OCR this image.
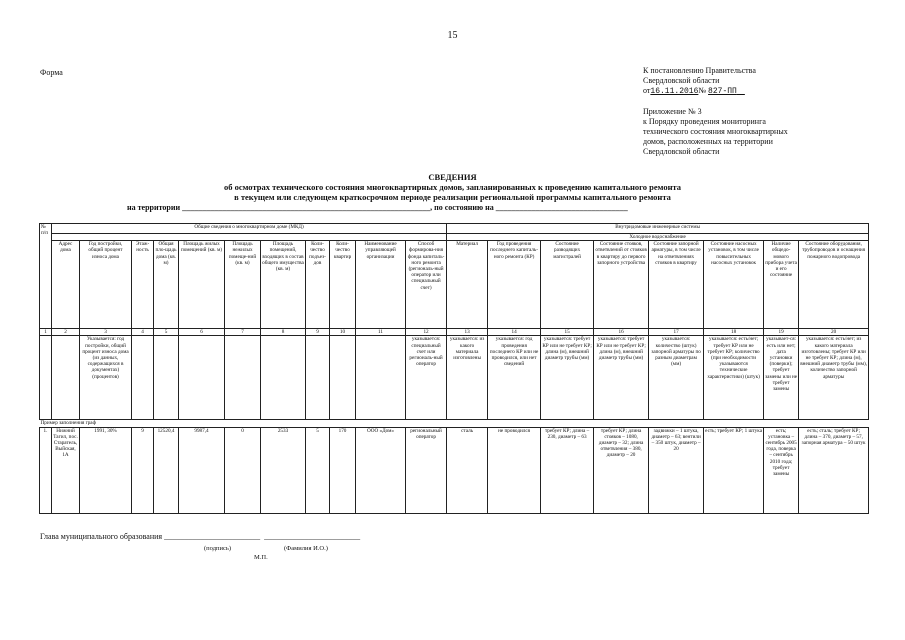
15
Форма	К постановлению Правительства
Свердловской области
от16.11.2016№ 827-ПП
Приложение № 3
к Порядку проведения мониторинга
технического состояния многоквартирных
домов, расположенных на территории
Свердловской области
СВЕДЕНИЯ
об осмотрах технического состояния многоквартирных домов, запланированных к проведению капитального ремонта
в текущем или следующем краткосрочном периоде реализации региональной программы капитального ремонта
на территории ______________________________________________________________, по состоянию на _________________________________
№ п/п	Общие сведения о многоквартирном доме (МКД)											Внутридомовые инженерные системы							
												Холодное водоснабжение							
	Адрес дома	Год постройки, общий процент износа дома	Этаж-ность	Общая пло-щадь дома (кв. м)	Площадь жилых помещений (кв. м)	Площадь нежилых помеще-ний (кв. м)	Площадь помещений, входящих в состав общего имущества (кв. м)	Коли-чество подъез-дов	Коли-чество квартир	Наименование управляющей организации	Способ формирова-ния фонда капиталь-ного ремонта (региональ-ный оператор или специальный счет)	Материал	Год проведения последнего капиталь-ного ремонта (КР)	Состояние разводящих магистралей	Состояние стояков, ответвлений от стояков в квартиру до первого запорного устройства	Состояние запорной арматуры, в том числе на ответвлениях стояков в квартиру	Состояние насосных установок, в том числе повысительных насосных установок	Наличие общедо-мового прибора учета и его состояние	Состояние оборудования, трубопроводов и оснащения пожарного водопровода
1	2	3	4	5	6	7	8	9	10	11	12	13	14	15	16	17	18	19	20
		Указывается: год постройки, общий процент износа дома (из данных, содержащихся в документах) (процентов)									указывается: специальный счет или региональ-ный оператор	указывается: из какого материала изготовлены	указывается: год проведения последнего КР или не проводился, или нет сведений	указывается: требует КР или не требует КР; длина (м), внешний диаметр трубы (мм)	указывается: требует КР или не требует КР; длина (м), внешний диаметр трубы (мм)	указывается: количество (штук) запорной арматуры по разным диаметрам (мм)	указывается: есть/нет; требует КР или не требует КР; количество (при необходимости указываются технические характеристики) (штук)	указывает-ся: есть или нет; дата установки (поверки); требует замены или не требует замены	указывается: есть/нет; из какого материала изготовлены; требует КР или не требует КР; длина (м), внешний диаметр трубы (мм), количество запорной арматуры
Пример заполнения граф																			
1.	Нижний Тагил, пос. Старатель, Выйская, 1А	1991, 30%	9	12520,4	9987,4	0	2533	5	170	ООО «Дом»	региональный оператор	сталь	не проводился	требует КР; длина – 230, диаметр – 63	требует КР; длина стояков – 1080, диаметр – 32; длина ответвления – 380, диаметр – 20	задвижки – 1 штука, диаметр – 63; вентили – 350 штук, диаметр – 20	есть; требует КР; 1 штука	есть; установка – сентябрь 2005 года, поверка – сентябрь 2010 года; требует замены	есть; сталь; требует КР; длина – 370, диаметр – 57, запорная арматура – 50 штук
Глава муниципального образования ________________________ ________________________
(подпись)	(Фамилия И.О.)
М.П.
